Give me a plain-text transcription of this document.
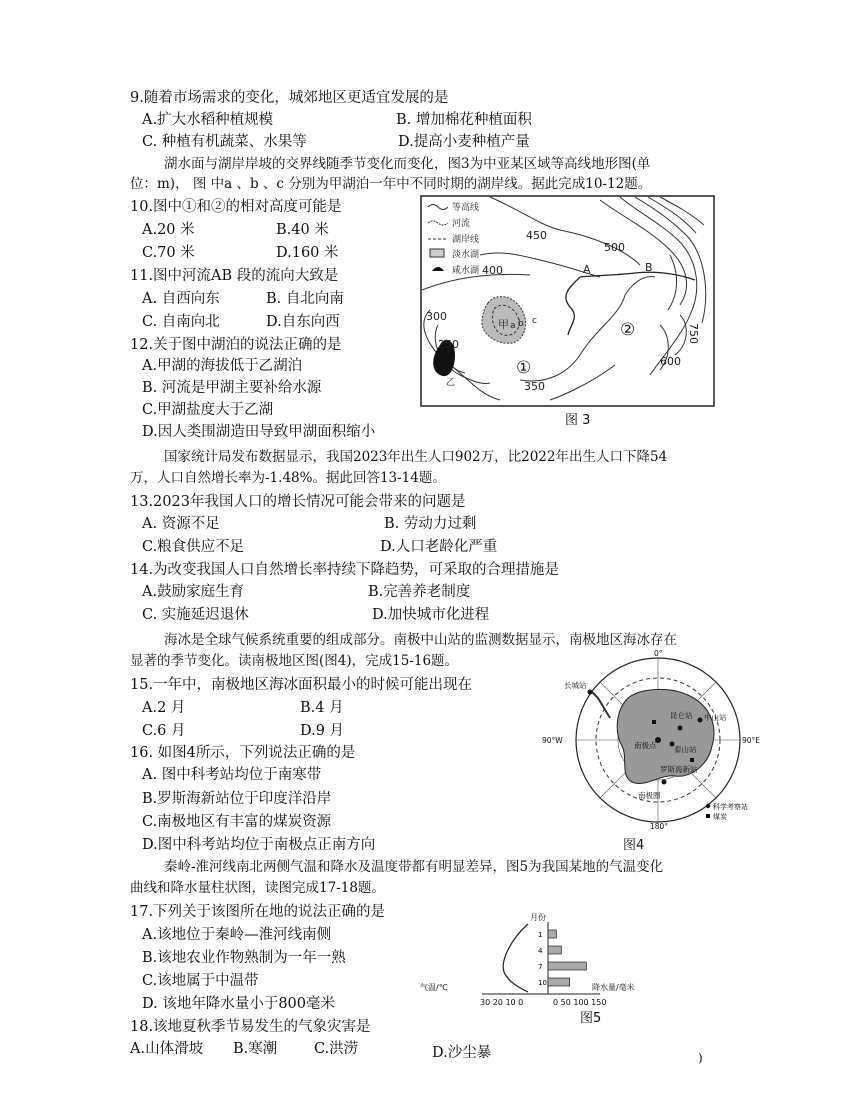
9.随着市场需求的变化，城郊地区更适宜发展的是
A.扩大水稻种植规模	B. 增加棉花种植面积
C. 种植有机蔬菜、水果等	D.提高小麦种植产量
湖水面与湖岸岸坡的交界线随季节变化而变化，图3为中亚某区域等高线地形图(单
位：m)， 图 中a 、b 、c 分别为甲湖泊一年中不同时期的湖岸线。据此完成10-12题。
10.图中①和②的相对高度可能是
A.20 米	B.40 米
C.70 米	D.160 米
11.图中河流AB 段的流向大致是
A. 自西向东	B. 自北向南
C. 自南向北	D.自东向西
12.关于图中湖泊的说法正确的是
A.甲湖的海拔低于乙湖泊
B. 河流是甲湖主要补给水源
C.甲湖盐度大于乙湖
D.因人类围湖造田导致甲湖面积缩小
等高线
河流
湖岸线
淡水湖
咸水湖
450
500
400
300
250
350
600
750
A	B
甲 a b c
乙
①
②
图 3
国家统计局发布数据显示，我国2023年出生人口902万，比2022年出生人口下降54
万，人口自然增长率为-1.48%。据此回答13-14题。
13.2023年我国人口的增长情况可能会带来的问题是
A. 资源不足	B. 劳动力过剩
C.粮食供应不足	D.人口老龄化严重
14.为改变我国人口自然增长率持续下降趋势，可采取的合理措施是
A.鼓励家庭生育	B.完善养老制度
C. 实施延迟退休	D.加快城市化进程
海冰是全球气候系统重要的组成部分。南极中山站的监测数据显示，南极地区海冰存在
显著的季节变化。读南极地区图(图4)，完成15-16题。
15.一年中，南极地区海冰面积最小的时候可能出现在
A.2 月	B.4 月
C.6 月	D.9 月
16. 如图4所示，下列说法正确的是
A. 图中科考站均位于南寒带
B.罗斯海新站位于印度洋沿岸
C.南极地区有丰富的煤炭资源
D.图中科考站均位于南极点正南方向
0°
180°
90°W	90°E
长城站
昆仑站 中山站
泰山站
罗斯海新站
南极点
南极圈
科学考察站
煤炭
图4
秦岭-淮河线南北两侧气温和降水及温度带都有明显差异，图5为我国某地的气温变化
曲线和降水量柱状图，读图完成17-18题。
17.下列关于该图所在地的说法正确的是
A.该地位于秦岭—淮河线南侧
B.该地农业作物熟制为一年一熟
C.该地属于中温带
D. 该地年降水量小于800毫米
18.该地夏秋季节易发生的气象灾害是
A.山体滑坡 B.寒潮	C.洪涝	D.沙尘暴	)
月份
气温/℃
30 20 10 0	0 50 100 150
降水量/毫米
1
4
7
10
图5
